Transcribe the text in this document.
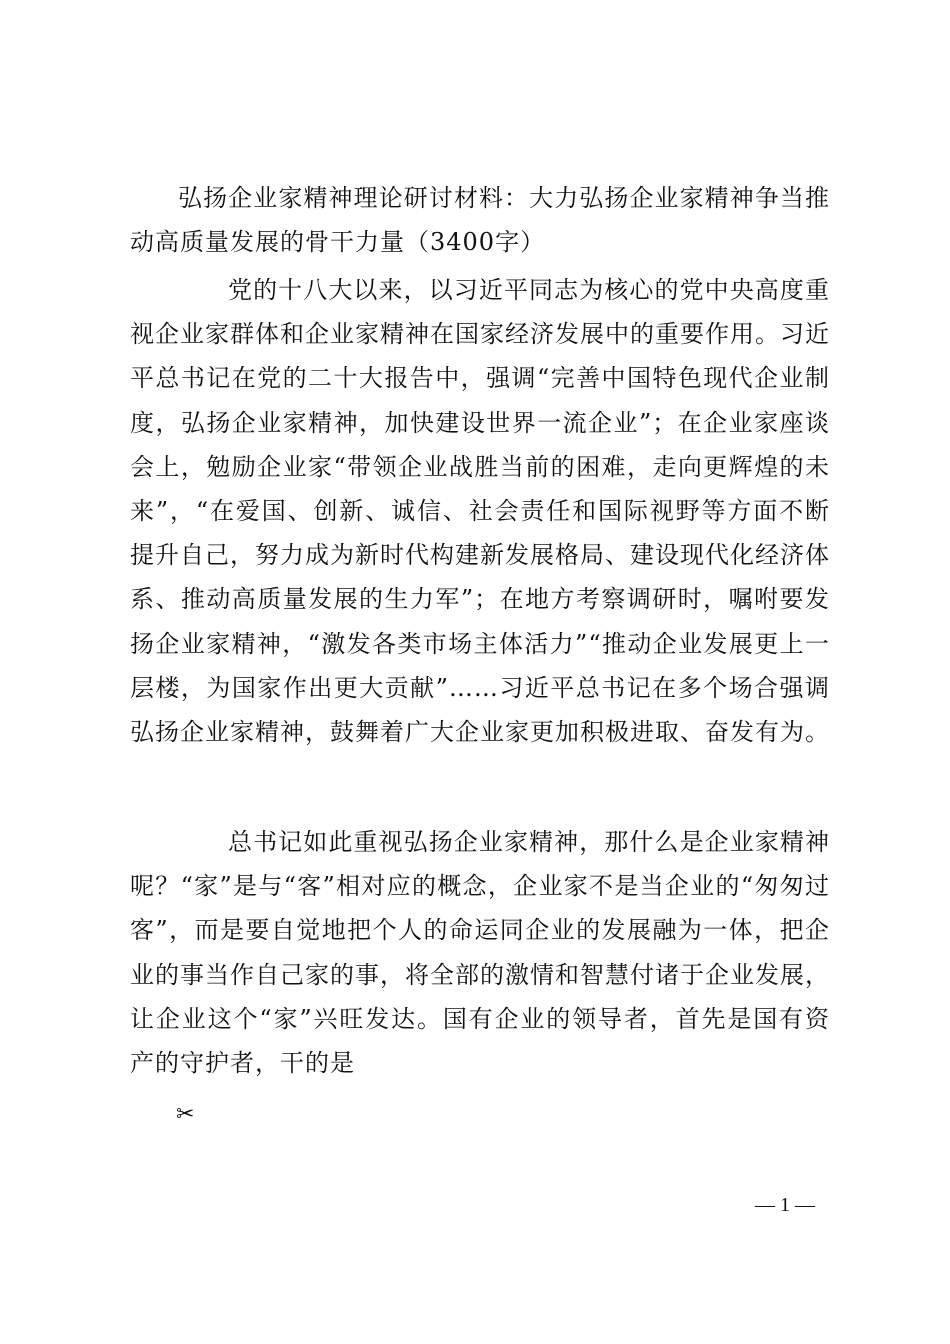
弘扬企业家精神理论研讨材料：大力弘扬企业家精神争当推动高质量发展的骨干力量（3400字）
党的十八大以来，以习近平同志为核心的党中央高度重视企业家群体和企业家精神在国家经济发展中的重要作用。习近平总书记在党的二十大报告中，强调“完善中国特色现代企业制度，弘扬企业家精神，加快建设世界一流企业”；在企业家座谈会上，勉励企业家“带领企业战胜当前的困难，走向更辉煌的未来”，“在爱国、创新、诚信、社会责任和国际视野等方面不断提升自己，努力成为新时代构建新发展格局、建设现代化经济体系、推动高质量发展的生力军”；在地方考察调研时，嘱咐要发扬企业家精神，“激发各类市场主体活力”“推动企业发展更上一层楼，为国家作出更大贡献”……习近平总书记在多个场合强调弘扬企业家精神，鼓舞着广大企业家更加积极进取、奋发有为。
总书记如此重视弘扬企业家精神，那什么是企业家精神呢？“家”是与“客”相对应的概念，企业家不是当企业的“匆匆过客”，而是要自觉地把个人的命运同企业的发展融为一体，把企业的事当作自己家的事，将全部的激情和智慧付诸于企业发展，让企业这个“家”兴旺发达。国有企业的领导者，首先是国有资产的守护者，干的是
✂
— 1 —
